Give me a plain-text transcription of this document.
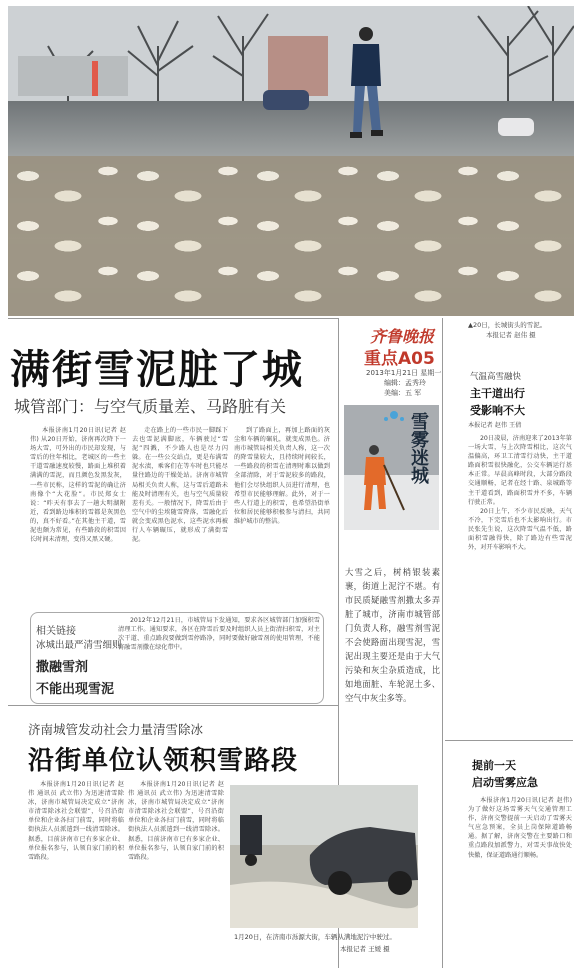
满街雪泥脏了城
城管部门：与空气质量差、马路脏有关
本报济南1月20日讯(记者 赵伟) 从20日开始，济南再次降下一场大雪，可外出的市民却发现，与雪后的往年相比，老城区的一些主干道雪融速度较慢，路面上堆积着满满的雪泥，而且颜色发黑发灰，一些市民称，这样的雪泥的确让济南像个“大花脸”。市民郑女士说：“昨天有事去了一趟大明湖附近，看到路边堆积的雪都是灰黑色的，真不好看。”在其他主干道，雪泥也颇为常见，有些路段的积雪因长时间未清理，变得又黑又硬。
走在路上的一些市民一脚踩下去也雪泥满脚底，车辆驶过“雪泥”四溅，不少路人也是尽力闪躲。在一些公交站点，更是布满雪泥水渍，乘客们在等车时也只能尽量往路边的干燥处站。济南市城管局相关负责人称，这与雪后道路未能及时清理有关，也与空气质量较差有关。一般情况下，降雪后由于空气中的尘埃随雪降落，雪融化后就会变成黑色泥水，这些泥水再被行人车辆碾压，就形成了满街雪泥。
到了路面上，再加上路面的灰尘和车辆的碾轧，就变成黑色。济南市城管局相关负责人称，这一次的降雪量较大，且持续时间较长，一些路段的积雪在清理时难以做到全部清除，对于雪泥较多的路段，他们会尽快组织人员进行清理，也希望市民能够理解。此外，对于一些人行道上的积雪，也希望沿街单位和居民能够积极参与清扫，共同维护城市的整洁。
相关链接
冰城出最严清雪细则
撒融雪剂
不能出现雪泥
2012年12月21日，市城管局下发通知，要求各区城管部门加强积雪清理工作。通知要求，各区在降雪后要及时组织人员上街清扫积雪，对主次干道、重点路段要做到雪停路净，同时要做好融雪剂的使用管理，不能将融雪剂撒在绿化带中。
济南城管发动社会力量清雪除冰
沿街单位认领积雪路段
本报济南1月20日讯(记者 赵伟 通讯员 武立伟) 为迅速清雪除冰，济南市城管局决定成立“济南市清雪除冰社会联盟”，号召沿街单位和企业各扫门前雪，同时将临街执法人员派遣到一线清雪除冰。据悉，目前济南市已有多家企业、单位报名参与，认领自家门前的积雪路段。
本报济南1月20日讯(记者 赵伟 通讯员 武立伟) 为迅速清雪除冰，济南市城管局决定成立“济南市清雪除冰社会联盟”，号召沿街单位和企业各扫门前雪，同时将临街执法人员派遣到一线清雪除冰。据悉，目前济南市已有多家企业、单位报名参与，认领自家门前的积雪路段。
1月20日，在济南市泺源大街，车辆从满地泥泞中驶过。
本报记者 王媛 摄
齐鲁晚报
重点A05
2013年1月21日 星期一
编辑：孟秀玲
美编：五 军
雪雾迷城
大雪之后，树梢银装素裹，街道上泥泞不堪。有市民质疑融雪剂撒太多弄脏了城市，济南市城管部门负责人称，融雪剂雪泥不会使路面出现雪泥，雪泥出现主要还是由于大气污染和灰尘杂质造成，比如地面脏、车轮泥土多、空气中灰尘多等。
▲20日，长城街头的雪泥。
本报记者 赵伟 摄
气温高雪融快
主干道出行
受影响不大
本报记者 赵伟 王倩
20日凌晨，济南迎来了2013年第一场大雪，与上次降雪相比，这次气温偏高，环卫工清雪行动快，主干道路面积雪很快融化，公交车辆运行基本正常。早晨高峰时段，大部分路段交通顺畅，记者在经十路、泉城路等主干道看到，路面积雪并不多，车辆行驶正常。
20日上午，不少市民反映，天气不冷，下完雪后也不太影响出行。市民张先生说，这次降雪气温不低，路面积雪融得快，除了路边有些雪泥外，对开车影响不大。
提前一天
启动雪雾应急
本报济南1月20日讯(记者 赵伟) 为了做好这场雪雾天气交通管理工作，济南交警提前一天启动了雪雾天气应急预案，全员上岗保障道路畅通。据了解，济南交警在主要路口和重点路段加派警力，对雪天事故快处快撤，保证道路通行顺畅。
